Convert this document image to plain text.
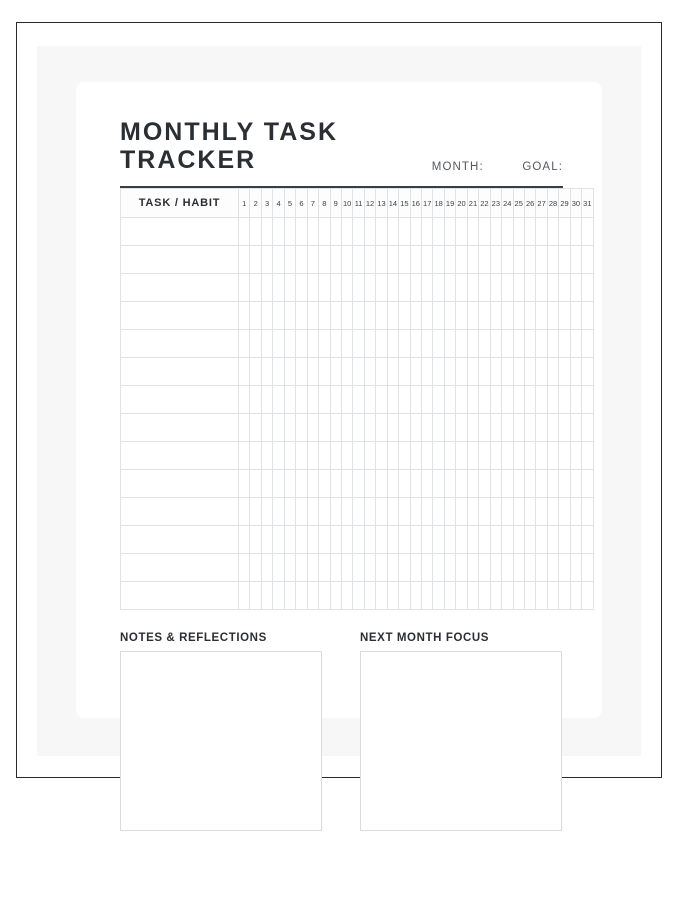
MONTHLY TASK
TRACKER	MONTH:	GOAL:
TASK / HABIT	1	2	3	4	5	6	7	8	9	10	11	12	13	14	15	16	17	18	19	20	21	22	23	24	25	26	27	28	29	30	31

NOTES & REFLECTIONS	NEXT MONTH FOCUS
